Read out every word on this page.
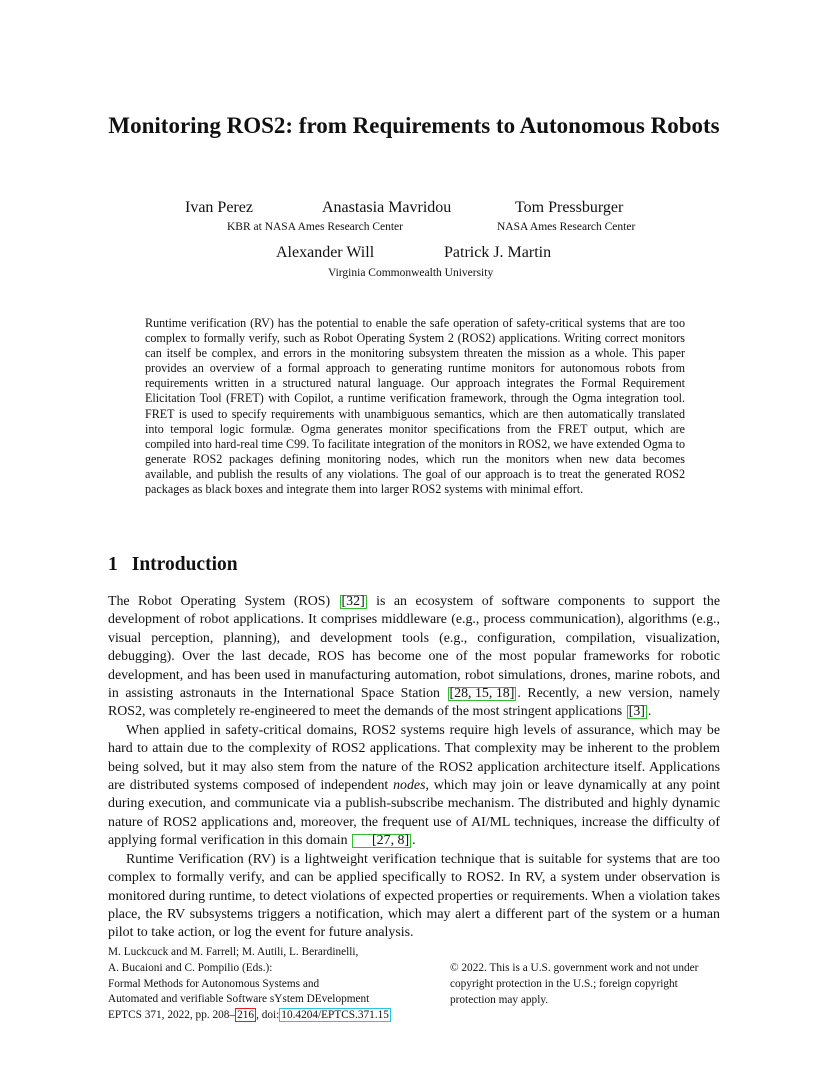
Monitoring ROS2: from Requirements to Autonomous Robots
Ivan Perez	Anastasia Mavridou	Tom Pressburger
KBR at NASA Ames Research Center	NASA Ames Research Center
Alexander Will	Patrick J. Martin
Virginia Commonwealth University

Runtime verification (RV) has the potential to enable the safe operation of safety-critical systems that are too complex to formally verify, such as Robot Operating System 2 (ROS2) applications. Writing correct monitors can itself be complex, and errors in the monitoring subsystem threaten the mission as a whole. This paper provides an overview of a formal approach to generating runtime monitors for autonomous robots from requirements written in a structured natural language. Our approach integrates the Formal Requirement Elicitation Tool (FRET) with Copilot, a runtime verification framework, through the Ogma integration tool. FRET is used to specify requirements with unambiguous semantics, which are then automatically translated into temporal logic formulæ. Ogma generates monitor specifications from the FRET output, which are compiled into hard-real time C99. To facilitate integration of the monitors in ROS2, we have extended Ogma to generate ROS2 packages defining monitoring nodes, which run the monitors when new data becomes available, and publish the results of any violations. The goal of our approach is to treat the generated ROS2 packages as black boxes and integrate them into larger ROS2 systems with minimal effort.

1 Introduction

The Robot Operating System (ROS) [32] is an ecosystem of software components to support the development of robot applications. It comprises middleware (e.g., process communication), algorithms (e.g., visual perception, planning), and development tools (e.g., configuration, compilation, visualization, debugging). Over the last decade, ROS has become one of the most popular frameworks for robotic development, and has been used in manufacturing automation, robot simulations, drones, marine robots, and in assisting astronauts in the International Space Station [28, 15, 18] . Recently, a new version, namely ROS2, was completely re-engineered to meet the demands of the most stringent applications [3] .

When applied in safety-critical domains, ROS2 systems require high levels of assurance, which may be hard to attain due to the complexity of ROS2 applications. That complexity may be inherent to the problem being solved, but it may also stem from the nature of the ROS2 application architecture itself. Applications are distributed systems composed of independent nodes, which may join or leave dynamically at any point during execution, and communicate via a publish-subscribe mechanism. The distributed and highly dynamic nature of ROS2 applications and, moreover, the frequent use of AI/ML techniques, increase the difficulty of applying formal verification in this domain [27, 8] .

Runtime Verification (RV) is a lightweight verification technique that is suitable for systems that are too complex to formally verify, and can be applied specifically to ROS2. In RV, a system under observation is monitored during runtime, to detect violations of expected properties or requirements. When a violation takes place, the RV subsystems triggers a notification, which may alert a different part of the system or a human pilot to take action, or log the event for future analysis.

M. Luckcuck and M. Farrell; M. Autili, L. Berardinelli,
A. Bucaioni and C. Pompilio (Eds.):
Formal Methods for Autonomous Systems and
Automated and verifiable Software sYstem DEvelopment
EPTCS 371, 2022, pp. 208– 216 , doi: 10.4204/EPTCS.371.15
© 2022. This is a U.S. government work and not under
copyright protection in the U.S.; foreign copyright
protection may apply.
